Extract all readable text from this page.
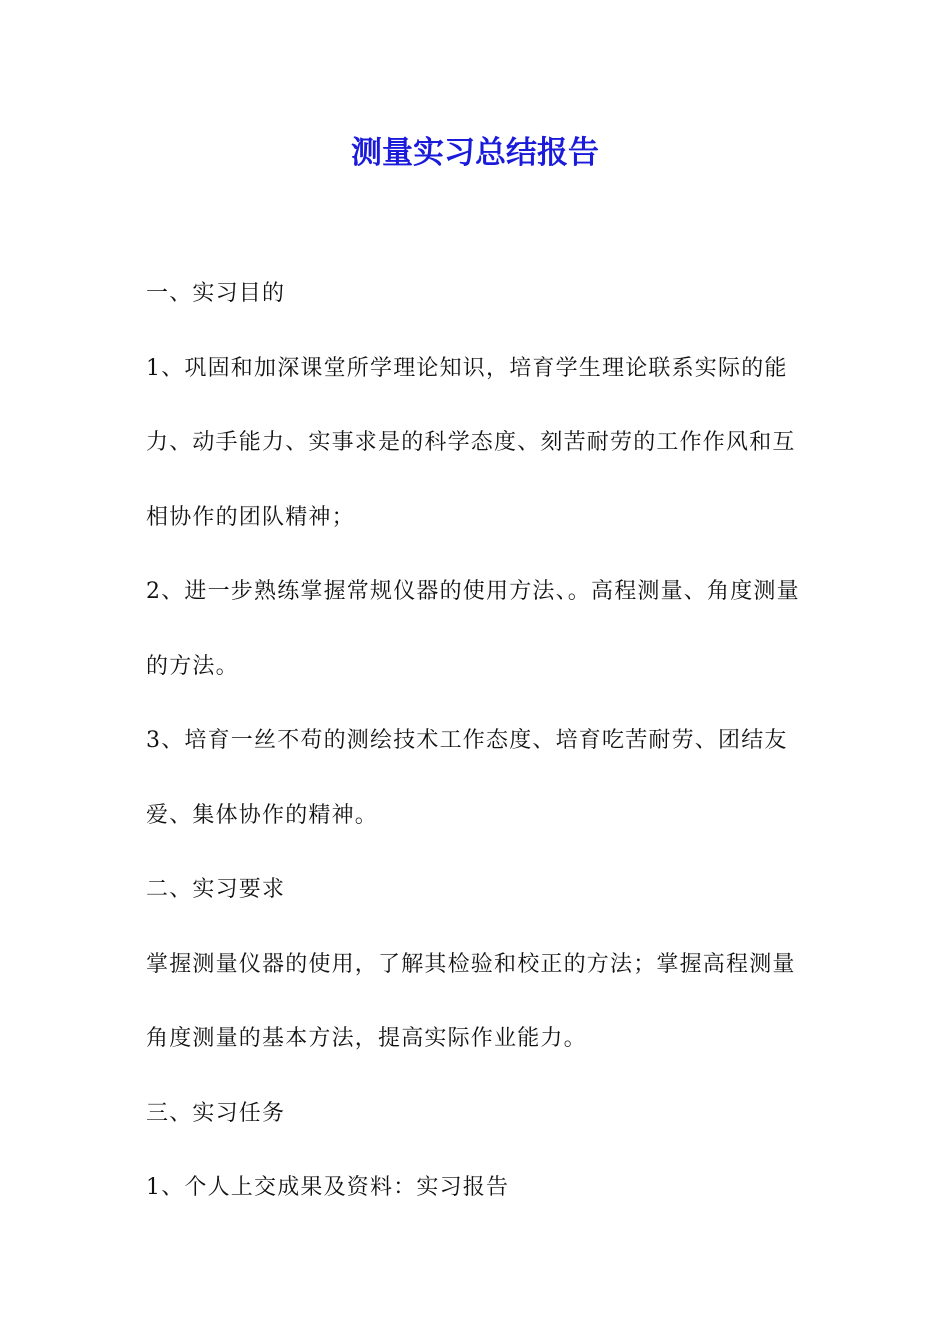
测量实习总结报告

一、实习目的

1、巩固和加深课堂所学理论知识，培育学生理论联系实际的能力、动手能力、实事求是的科学态度、刻苦耐劳的工作作风和互相协作的团队精神；

2、进一步熟练掌握常规仪器的使用方法、。高程测量、角度测量的方法。

3、培育一丝不苟的测绘技术工作态度、培育吃苦耐劳、团结友爱、集体协作的精神。

二、实习要求

掌握测量仪器的使用，了解其检验和校正的方法；掌握高程测量角度测量的基本方法，提高实际作业能力。

三、实习任务

1、个人上交成果及资料：实习报告
